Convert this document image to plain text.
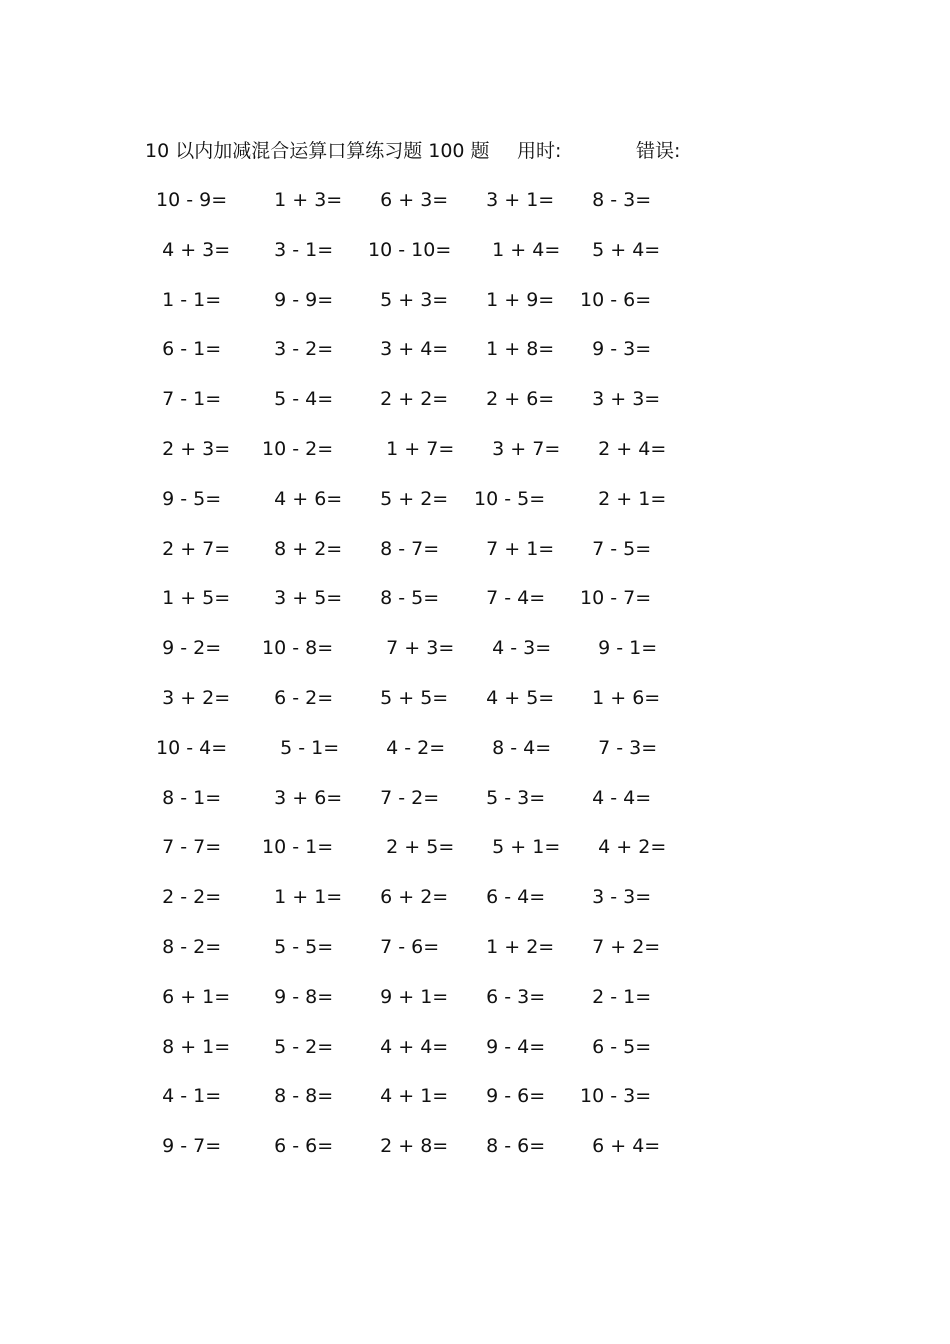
10 以内加减混合运算口算练习题 100 题 用时:	错误:
10 - 9= 1 + 3= 6 + 3= 3 + 1= 8 - 3=
4 + 3= 3 - 1= 10 - 10= 1 + 4= 5 + 4=
1 - 1= 9 - 9= 5 + 3= 1 + 9= 10 - 6=
6 - 1= 3 - 2= 3 + 4= 1 + 8= 9 - 3=
7 - 1= 5 - 4= 2 + 2= 2 + 6= 3 + 3=
2 + 3= 10 - 2= 1 + 7= 3 + 7= 2 + 4=
9 - 5= 4 + 6= 5 + 2= 10 - 5= 2 + 1=
2 + 7= 8 + 2= 8 - 7= 7 + 1= 7 - 5=
1 + 5= 3 + 5= 8 - 5= 7 - 4= 10 - 7=
9 - 2= 10 - 8= 7 + 3= 4 - 3= 9 - 1=
3 + 2= 6 - 2= 5 + 5= 4 + 5= 1 + 6=
10 - 4= 5 - 1= 4 - 2= 8 - 4= 7 - 3=
8 - 1= 3 + 6= 7 - 2= 5 - 3= 4 - 4=
7 - 7= 10 - 1= 2 + 5= 5 + 1= 4 + 2=
2 - 2= 1 + 1= 6 + 2= 6 - 4= 3 - 3=
8 - 2= 5 - 5= 7 - 6= 1 + 2= 7 + 2=
6 + 1= 9 - 8= 9 + 1= 6 - 3= 2 - 1=
8 + 1= 5 - 2= 4 + 4= 9 - 4= 6 - 5=
4 - 1= 8 - 8= 4 + 1= 9 - 6= 10 - 3=
9 - 7= 6 - 6= 2 + 8= 8 - 6= 6 + 4=
